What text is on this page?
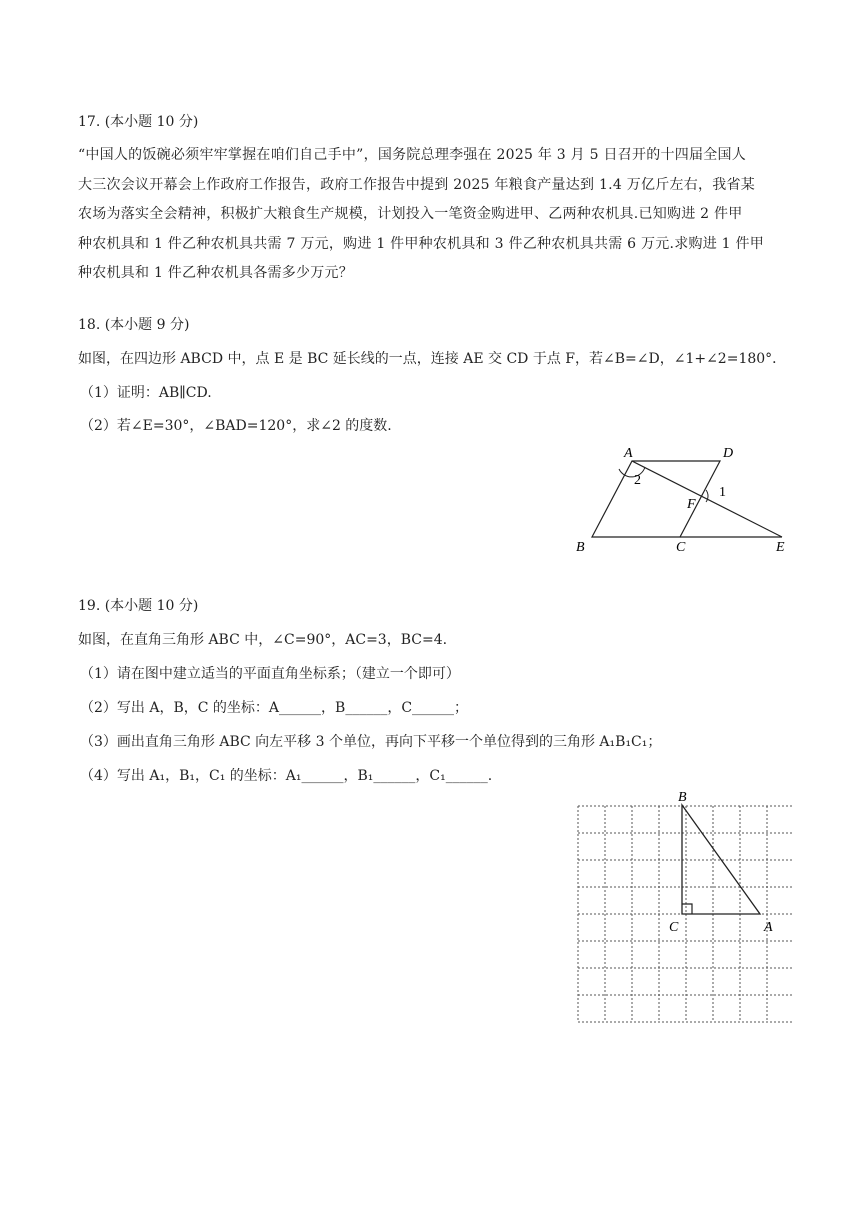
17. (本小题 10 分)
“中国人的饭碗必须牢牢掌握在咱们自己手中”，国务院总理李强在 2025 年 3 月 5 日召开的十四届全国人
大三次会议开幕会上作政府工作报告，政府工作报告中提到 2025 年粮食产量达到 1.4 万亿斤左右，我省某
农场为落实全会精神，积极扩大粮食生产规模，计划投入一笔资金购进甲、乙两种农机具.已知购进 2 件甲
种农机具和 1 件乙种农机具共需 7 万元，购进 1 件甲种农机具和 3 件乙种农机具共需 6 万元.求购进 1 件甲
种农机具和 1 件乙种农机具各需多少万元？
18. (本小题 9 分)
如图，在四边形 ABCD 中，点 E 是 BC 延长线的一点，连接 AE 交 CD 于点 F，若∠B=∠D，∠1+∠2=180°．
（1）证明：AB∥CD.
（2）若∠E=30°，∠BAD=120°，求∠2 的度数.
A	D
B	C	E
F
1
2
19. (本小题 10 分)
如图，在直角三角形 ABC 中，∠C=90°，AC=3，BC=4.
（1）请在图中建立适当的平面直角坐标系；（建立一个即可）
（2）写出 A，B，C 的坐标：A______，B______，C______；
（3）画出直角三角形 ABC 向左平移 3 个单位，再向下平移一个单位得到的三角形 A₁B₁C₁；
（4）写出 A₁，B₁，C₁ 的坐标：A₁______，B₁______，C₁______.
B
C	A
